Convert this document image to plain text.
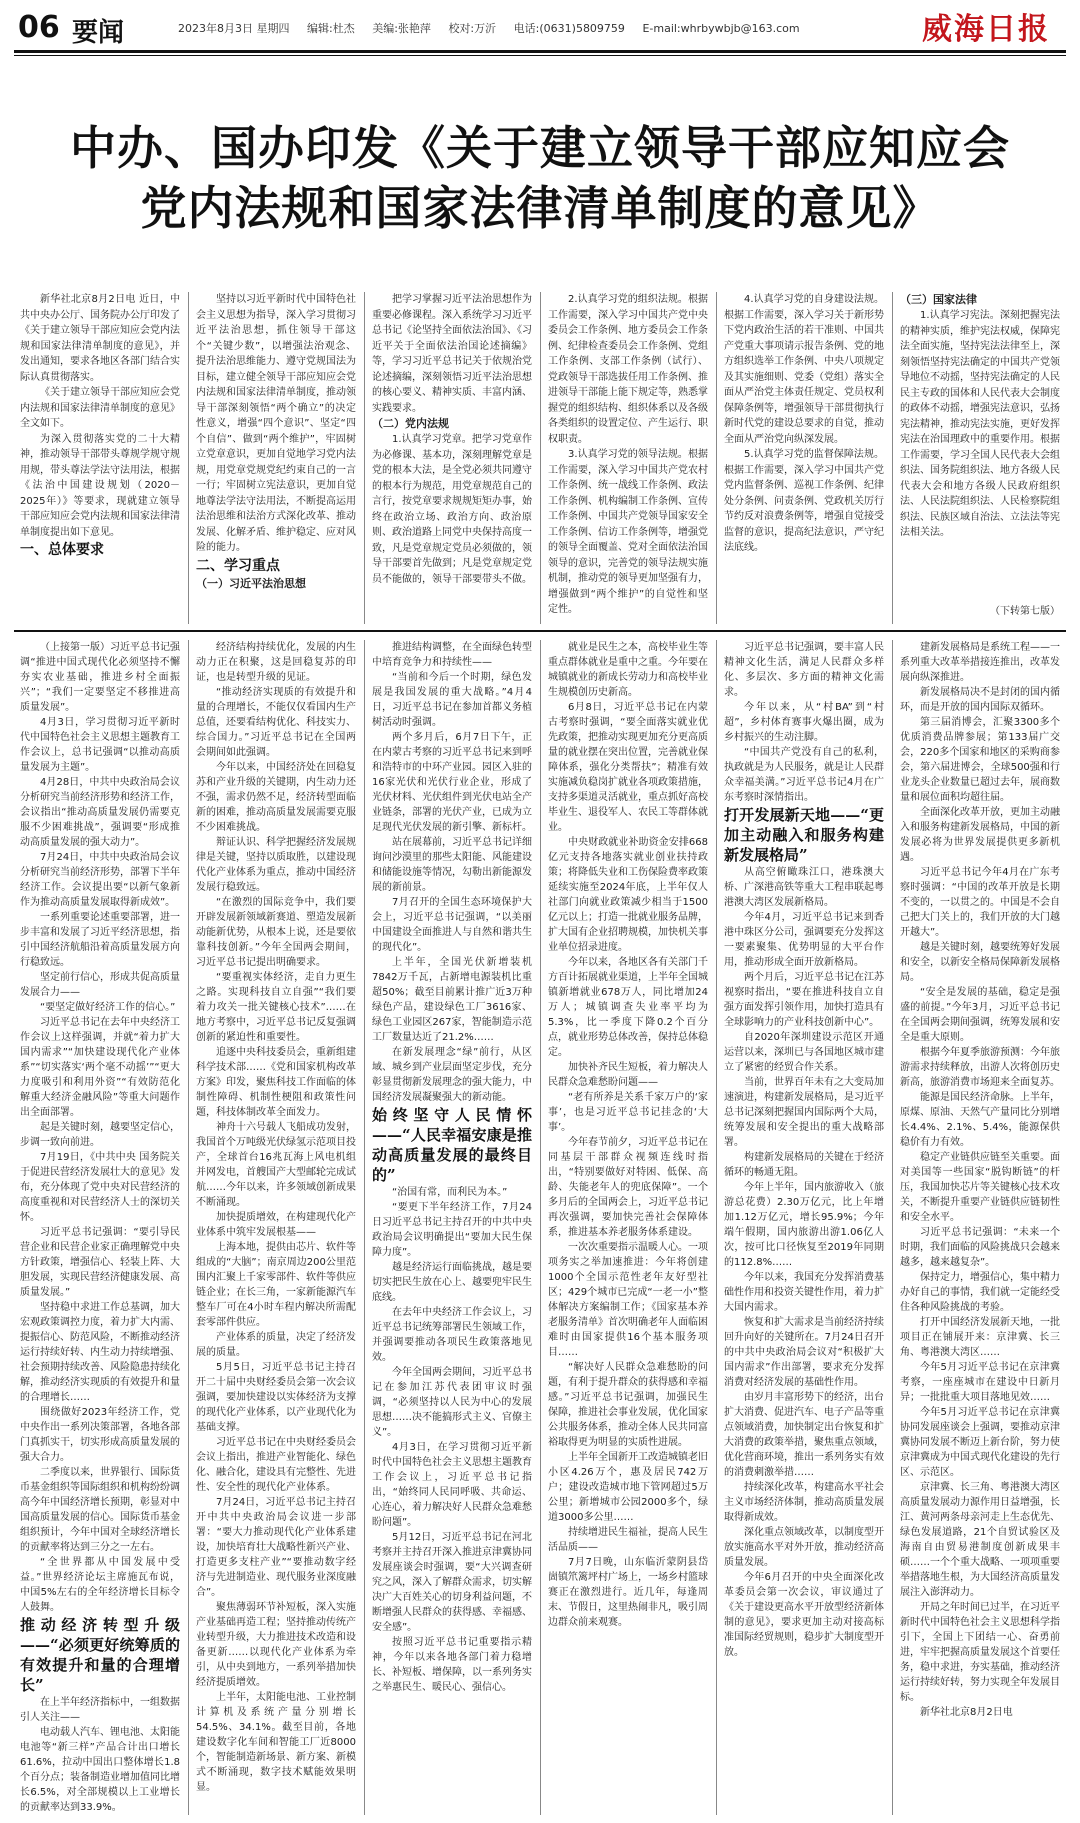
06 要闻	2023年8月3日 星期四 编辑:杜杰 美编:张艳萍 校对:万沂 电话:(0631)5809759 E-mail:whrbywbjb@163.com	威海日报
中办、国办印发《关于建立领导干部应知应会
党内法规和国家法律清单制度的意见》

新华社北京8月2日电 近日，中共中央办公厅、国务院办公厅印发了《关于建立领导干部应知应会党内法规和国家法律清单制度的意见》，并发出通知，要求各地区各部门结合实际认真贯彻落实。

《关于建立领导干部应知应会党内法规和国家法律清单制度的意见》全文如下。

为深入贯彻落实党的二十大精神，推动领导干部带头尊规学规守规用规，带头尊法学法守法用法，根据《法治中国建设规划（2020－2025年）》等要求，现就建立领导干部应知应会党内法规和国家法律清单制度提出如下意见。

一、总体要求

坚持以习近平新时代中国特色社会主义思想为指导，深入学习贯彻习近平法治思想，抓住领导干部这个“关键少数”，以增强法治观念、提升法治思维能力、遵守党规国法为目标，建立健全领导干部应知应会党内法规和国家法律清单制度，推动领导干部深刻领悟“两个确立”的决定性意义，增强“四个意识”、坚定“四个自信”、做到“两个维护”，牢固树立党章意识，更加自觉地学习党内法规，用党章党规党纪约束自己的一言一行；牢固树立宪法意识，更加自觉地尊法学法守法用法，不断提高运用法治思维和法治方式深化改革、推动发展、化解矛盾、维护稳定、应对风险的能力。

二、学习重点

（一）习近平法治思想

把学习掌握习近平法治思想作为重要必修课程。深入系统学习习近平总书记《论坚持全面依法治国》、《习近平关于全面依法治国论述摘编》等，学习习近平总书记关于依规治党论述摘编，深刻领悟习近平法治思想的核心要义、精神实质、丰富内涵、实践要求。

（二）党内法规

1.认真学习党章。把学习党章作为必修课、基本功，深刻理解党章是党的根本大法，是全党必须共同遵守的根本行为规范，用党章规范自己的言行，按党章要求规规矩矩办事，始终在政治立场、政治方向、政治原则、政治道路上同党中央保持高度一致，凡是党章规定党员必须做的，领导干部要首先做到；凡是党章规定党员不能做的，领导干部要带头不做。

2.认真学习党的组织法规。根据工作需要，深入学习中国共产党中央委员会工作条例、地方委员会工作条例、纪律检查委员会工作条例、党组工作条例、支部工作条例（试行）、党政领导干部选拔任用工作条例、推进领导干部能上能下规定等，熟悉掌握党的组织结构、组织体系以及各级各类组织的设置定位、产生运行、职权职责。

3.认真学习党的领导法规。根据工作需要，深入学习中国共产党农村工作条例、统一战线工作条例、政法工作条例、机构编制工作条例、宣传工作条例、中国共产党领导国家安全工作条例、信访工作条例等，增强党的领导全面覆盖、党对全面依法治国领导的意识，完善党的领导法规实施机制，推动党的领导更加坚强有力，增强做到“两个维护”的自觉性和坚定性。

4.认真学习党的自身建设法规。根据工作需要，深入学习关于新形势下党内政治生活的若干准则、中国共产党重大事项请示报告条例、党的地方组织选举工作条例、中央八项规定及其实施细则、党委（党组）落实全面从严治党主体责任规定、党员权利保障条例等，增强领导干部贯彻执行新时代党的建设总要求的自觉，推动全面从严治党向纵深发展。

5.认真学习党的监督保障法规。根据工作需要，深入学习中国共产党党内监督条例、巡视工作条例、纪律处分条例、问责条例、党政机关厉行节约反对浪费条例等，增强自觉接受监督的意识，提高纪法意识，严守纪法底线。

（三）国家法律

1.认真学习宪法。深刻把握宪法的精神实质，维护宪法权威，保障宪法全面实施，坚持宪法法律至上，深刻领悟坚持宪法确定的中国共产党领导地位不动摇，坚持宪法确定的人民民主专政的国体和人民代表大会制度的政体不动摇，增强宪法意识，弘扬宪法精神，推动宪法实施，更好发挥宪法在治国理政中的重要作用。根据工作需要，学习全国人民代表大会组织法、国务院组织法、地方各级人民代表大会和地方各级人民政府组织法、人民法院组织法、人民检察院组织法、民族区域自治法、立法法等宪法相关法。

（下转第七版）

（上接第一版）习近平总书记强调“推进中国式现代化必须坚持不懈夯实农业基础，推进乡村全面振兴”；“我们一定要坚定不移推进高质量发展”。

4月3日，学习贯彻习近平新时代中国特色社会主义思想主题教育工作会议上，总书记强调“以推动高质量发展为主题”。

4月28日，中共中央政治局会议分析研究当前经济形势和经济工作，会议指出“推动高质量发展仍需要克服不少困难挑战”，强调要“形成推动高质量发展的强大动力”。

7月24日，中共中央政治局会议分析研究当前经济形势，部署下半年经济工作。会议提出要“以新气象新作为推动高质量发展取得新成效”。

一系列重要论述重要部署，进一步丰富和发展了习近平经济思想，指引中国经济航船沿着高质量发展方向行稳致远。

坚定前行信心，形成共促高质量发展合力——

“要坚定做好经济工作的信心。”

习近平总书记在去年中央经济工作会议上这样强调，并就“着力扩大国内需求”“加快建设现代化产业体系”“切实落实‘两个毫不动摇’”“更大力度吸引和利用外资”“有效防范化解重大经济金融风险”等重大问题作出全面部署。

起是关键时刻，越要坚定信心，步调一致向前进。

7月19日，《中共中央 国务院关于促进民营经济发展壮大的意见》发布，充分体现了党中央对民营经济的高度重视和对民营经济人士的深切关怀。

习近平总书记强调：“要引导民营企业和民营企业家正确理解党中央方针政策，增强信心、轻装上阵、大胆发展，实现民营经济健康发展、高质量发展。”

坚持稳中求进工作总基调，加大宏观政策调控力度，着力扩大内需、提振信心、防范风险，不断推动经济运行持续好转、内生动力持续增强、社会预期持续改善、风险隐患持续化解，推动经济实现质的有效提升和量的合理增长……

围绕做好2023年经济工作，党中央作出一系列决策部署，各地各部门真抓实干，切实形成高质量发展的强大合力。

二季度以来，世界银行、国际货币基金组织等国际组织和机构纷纷调高今年中国经济增长预期，彰显对中国高质量发展的信心。国际货币基金组织预计，今年中国对全球经济增长的贡献率将达到三分之一左右。

“全世界都从中国发展中受益。”世界经济论坛主席施瓦布说，中国5%左右的全年经济增长目标令人鼓舞。

推动经济转型升级——“必须更好统筹质的有效提升和量的合理增长”

在上半年经济指标中，一组数据引人关注——

电动载人汽车、锂电池、太阳能电池等“新三样”产品合计出口增长61.6%，拉动中国出口整体增长1.8个百分点；装备制造业增加值同比增长6.5%，对全部规模以上工业增长的贡献率达到33.9%。

经济结构持续优化，发展的内生动力正在积聚，这是回稳复苏的印证，也是转型升级的见证。

“推动经济实现质的有效提升和量的合理增长，不能仅仅看国内生产总值，还要看结构优化、科技实力、综合国力。”习近平总书记在全国两会期间如此强调。

今年以来，中国经济处在回稳复苏和产业升级的关键期，内生动力还不强，需求仍然不足，经济转型面临新的困难，推动高质量发展需要克服不少困难挑战。

辩证认识、科学把握经济发展规律是关键，坚持以质取胜，以建设现代化产业体系为重点，推动中国经济发展行稳致远。

“在激烈的国际竞争中，我们要开辟发展新领域新赛道、塑造发展新动能新优势，从根本上说，还是要依靠科技创新。”今年全国两会期间，习近平总书记提出明确要求。

“要重视实体经济，走自力更生之路。实现科技自立自强”“我们要着力攻关一批关键核心技术”……在地方考察中，习近平总书记反复强调创新的紧迫性和重要性。

追逐中央科技委员会，重新组建科学技术部……《党和国家机构改革方案》印发，聚焦科技工作面临的体制性障碍、机制性梗阻和政策性问题，科技体制改革全面发力。

神舟十六号载人飞船成功发射，我国首个万吨级光伏绿氢示范项目投产，全球首台16兆瓦海上风电机组并网发电，首艘国产大型邮轮完成试航……今年以来，许多领域创新成果不断涌现。

加快提质增效，在构建现代化产业体系中筑牢发展根基——

上海本地，提供由芯片、软件等组成的“大脑”；南京周边200公里范围内汇聚上千家零部件、软件等供应链企业；在长三角，一家新能源汽车整车厂可在4小时车程内解决所需配套零部件供应。

产业体系的质量，决定了经济发展的质量。

5月5日，习近平总书记主持召开二十届中央财经委员会第一次会议强调，要加快建设以实体经济为支撑的现代化产业体系，以产业现代化为基础支撑。

习近平总书记在中央财经委员会会议上指出，推进产业智能化、绿色化、融合化，建设具有完整性、先进性、安全性的现代化产业体系。

7月24日，习近平总书记主持召开中共中央政治局会议进一步部署：“要大力推动现代化产业体系建设，加快培育壮大战略性新兴产业、打造更多支柱产业”“要推动数字经济与先进制造业、现代服务业深度融合”。

聚焦薄弱环节补短板，深入实施产业基础再造工程；坚持推动传统产业转型升级，大力推进技术改造和设备更新……以现代化产业体系为牵引，从中央到地方，一系列举措加快经济提质增效。

上半年，太阳能电池、工业控制计算机及系统产量分别增长54.5%、34.1%。截至目前，各地建设数字化车间和智能工厂近8000个，智能制造新场景、新方案、新模式不断涌现，数字技术赋能效果明显。

推进结构调整，在全面绿色转型中培育竞争力和持续性——

“当前和今后一个时期，绿色发展是我国发展的重大战略。”4月4日，习近平总书记在参加首都义务植树活动时强调。

两个多月后，6月7日下午，正在内蒙古考察的习近平总书记来到呼和浩特市的中环产业园。园区入驻的16家光伏和光伏行业企业，形成了光伏材料、光伏组件到光伏电站全产业链条，部署的光伏产业，已成为立足现代光伏发展的新引擎、新标杆。

站在展幕前，习近平总书记详细询问沙漠里的那些太阳能、风能建设和储能设施等情况，勾勒出新能源发展的新前景。

7月召开的全国生态环境保护大会上，习近平总书记强调，“以美丽中国建设全面推进人与自然和谐共生的现代化”。

上半年，全国光伏新增装机7842万千瓦，占新增电源装机比重超50%；截至目前累计推广近3万种绿色产品，建设绿色工厂3616家、绿色工业园区267家，智能制造示范工厂数量达近了21.2%……

在新发展理念“绿”前行，从区域、城乡到产业层面坚定步伐，充分彰显贯彻新发展理念的强大能力，中国经济发展凝聚强大的新动能。

始终坚守人民情怀——“人民幸福安康是推动高质量发展的最终目的”

“治国有常，而利民为本。”

“要更下半年经济工作，7月24日习近平总书记主持召开的中共中央政治局会议明确提出“要加大民生保障力度”。

越是经济运行面临挑战，越是要切实把民生放在心上、越要兜牢民生底线。

在去年中央经济工作会议上，习近平总书记统筹部署民生领域工作，并强调要推动各项民生政策落地见效。

今年全国两会期间，习近平总书记在参加江苏代表团审议时强调，“必须坚持以人民为中心的发展思想……决不能搞形式主义、官僚主义”。

4月3日，在学习贯彻习近平新时代中国特色社会主义思想主题教育工作会议上，习近平总书记指出，“始终同人民同呼吸、共命运、心连心，着力解决好人民群众急难愁盼问题”。

5月12日，习近平总书记在河北考察并主持召开深入推进京津冀协同发展座谈会时强调，要“大兴调查研究之风，深入了解群众需求，切实解决广大百姓关心的切身利益问题，不断增强人民群众的获得感、幸福感、安全感”。

按照习近平总书记重要指示精神，今年以来各地各部门着力稳增长、补短板、增保障，以一系列务实之举惠民生、暖民心、强信心。

就业是民生之本，高校毕业生等重点群体就业是重中之重。今年要在城镇就业的新成长劳动力和高校毕业生规模创历史新高。

6月8日，习近平总书记在内蒙古考察时强调，“要全面落实就业优先政策，把推动实现更加充分更高质量的就业摆在突出位置，完善就业保障体系，强化分类帮扶”；精准有效实施减负稳岗扩就业各项政策措施，支持多渠道灵活就业，重点抓好高校毕业生、退役军人、农民工等群体就业。

中央财政就业补助资金安排668亿元支持各地落实就业创业扶持政策；将降低失业和工伤保险费率政策延续实施至2024年底，上半年仅人社部门向就业政策减少相当于1500亿元以上；打造一批就业服务品牌，扩大国有企业招聘规模，加快机关事业单位招录进度。

今年以来，各地区各有关部门千方百计拓展就业渠道，上半年全国城镇新增就业678万人，同比增加24万人；城镇调查失业率平均为5.3%，比一季度下降0.2个百分点，就业形势总体改善，保持总体稳定。

加快补齐民生短板，着力解决人民群众急难愁盼问题——

“老有所养是关系千家万户的‘家事’，也是习近平总书记挂念的‘大事’。

今年春节前夕，习近平总书记在同基层干部群众视频连线时指出，“特别要做好对特困、低保、高龄、失能老年人的兜底保障”。一个多月后的全国两会上，习近平总书记再次强调，要加快完善社会保障体系，推进基本养老服务体系建设。

一次次重要指示温暖人心。一项项务实之举加速推进：今年将创建1000个全国示范性老年友好型社区；429个城市已完成“一老一小”整体解决方案编制工作；《国家基本养老服务清单》首次明确老年人面临困难时由国家提供16个基本服务项目……

“解决好人民群众急难愁盼的问题，有利于提升群众的获得感和幸福感。”习近平总书记强调，加强民生保障，推进社会事业发展，优化国家公共服务体系，推动全体人民共同富裕取得更为明显的实质性进展。

上半年全国新开工改造城镇老旧小区4.26万个，惠及居民742万户；建设改造城市地下管网超过5万公里；新增城市公园2000多个，绿道3000多公里……

持续增进民生福祉，提高人民生活品质——

7月7日晚，山东临沂蒙阴县岱崮镇笊篱坪村广场上，一场乡村篮球赛正在激烈进行。近几年，每逢周末、节假日，这里热闹非凡，吸引周边群众前来观赛。

习近平总书记强调，要丰富人民精神文化生活，满足人民群众多样化、多层次、多方面的精神文化需求。

今年以来，从“村BA”到“村超”，乡村体育赛事火爆出圈，成为乡村振兴的生动注脚。

“中国共产党没有自己的私利，执政就是为人民服务，就是让人民群众幸福美满。”习近平总书记4月在广东考察时深情指出。

打开发展新天地——“更加主动融入和服务构建新发展格局”

从高空俯瞰珠江口，港珠澳大桥、广深港高铁等重大工程串联起粤港澳大湾区发展新格局。

今年4月，习近平总书记来到香港中珠区分公司，强调要充分发挥这一要素聚集、优势明显的大平台作用，推动形成全面开放新格局。

两个月后，习近平总书记在江苏视察时指出，“要在推进科技自立自强方面发挥引领作用，加快打造具有全球影响力的产业科技创新中心”。

自2020年深圳建设示范区开通运营以来，深圳已与各国地区城市建立了紧密的经贸合作关系。

当前，世界百年未有之大变局加速演进，构建新发展格局，是习近平总书记深刻把握国内国际两个大局，统筹发展和安全提出的重大战略部署。

构建新发展格局的关键在于经济循环的畅通无阻。

今年上半年，国内旅游收入（旅游总花费）2.30万亿元，比上年增加1.12万亿元，增长95.9%；今年端午假期，国内旅游出游1.06亿人次，按可比口径恢复至2019年同期的112.8%……

今年以来，我国充分发挥消费基础性作用和投资关键性作用，着力扩大国内需求。

恢复和扩大需求是当前经济持续回升向好的关键所在。7月24日召开的中共中央政治局会议对“积极扩大国内需求”作出部署，要求充分发挥消费对经济发展的基础性作用。

由岁月丰富形势下的经济，出台扩大消费、促进汽车、电子产品等重点领域消费，加快制定出台恢复和扩大消费的政策举措，聚焦重点领域，优化营商环境，推出一系列务实有效的消费刺激举措……

持续深化改革，构建高水平社会主义市场经济体制，推动高质量发展取得新成效。

深化重点领域改革，以制度型开放实施高水平对外开放，推动经济高质量发展。

今年6月召开的中央全面深化改革委员会第一次会议，审议通过了《关于建设更高水平开放型经济新体制的意见》，要求更加主动对接高标准国际经贸规则，稳步扩大制度型开放。

建新发展格局是系统工程——一系列重大改革举措接连推出，改革发展向纵深推进。

新发展格局决不是封闭的国内循环，而是开放的国内国际双循环。

第三届消博会，汇聚3300多个优质消费品牌参展；第133届广交会，220多个国家和地区的采购商参会，第六届进博会，全球500强和行业龙头企业数量已超过去年，展商数量和展位面积均超往届。

全面深化改革开放，更加主动融入和服务构建新发展格局，中国的新发展必将为世界发展提供更多新机遇。

习近平总书记今年4月在广东考察时强调：“中国的改革开放是长期不变的，一以贯之的。中国是不会自己把大门关上的，我们开放的大门越开越大”。

越是关键时刻，越要统筹好发展和安全，以新安全格局保障新发展格局。

“安全是发展的基础，稳定是强盛的前提。”今年3月，习近平总书记在全国两会期间强调，统筹发展和安全是重大原则。

根据今年夏季旅游预测：今年旅游需求持续释放，出游人次将创历史新高，旅游消费市场迎来全面复苏。

能源是国民经济命脉。上半年，原煤、原油、天然气产量同比分别增长4.4%、2.1%、5.4%，能源保供稳价有力有效。

稳定产业链供应链至关重要。面对美国等一些国家“脱钩断链”的杆压，我国加快芯片等关键核心技术攻关，不断提升重要产业链供应链韧性和安全水平。

习近平总书记强调：“未来一个时期，我们面临的风险挑战只会越来越多，越来越复杂”。

保持定力，增强信心，集中精力办好自己的事情，我们就一定能经受住各种风险挑战的考验。

打开中国经济发展新天地，一批项目正在铺展开来：京津冀、长三角、粤港澳大湾区……

今年5月习近平总书记在京津冀考察，一座座城市在建设中日新月异；一批批重大项目落地见效……

今年5月习近平总书记在京津冀协同发展座谈会上强调，要推动京津冀协同发展不断迈上新台阶，努力使京津冀成为中国式现代化建设的先行区、示范区。

京津冀、长三角、粤港澳大湾区高质量发展动力源作用日益增强，长江、黄河两条母亲河走上生态优先、绿色发展道路，21个自贸试验区及海南自由贸易港制度创新成果丰硕……一个个重大战略、一项项重要举措落地生根，为大国经济高质量发展注入澎湃动力。

开局之年时间已过半，在习近平新时代中国特色社会主义思想科学指引下，全国上下团结一心、奋勇前进，牢牢把握高质量发展这个首要任务，稳中求进，夯实基础，推动经济运行持续好转，努力实现全年发展目标。

新华社北京8月2日电
